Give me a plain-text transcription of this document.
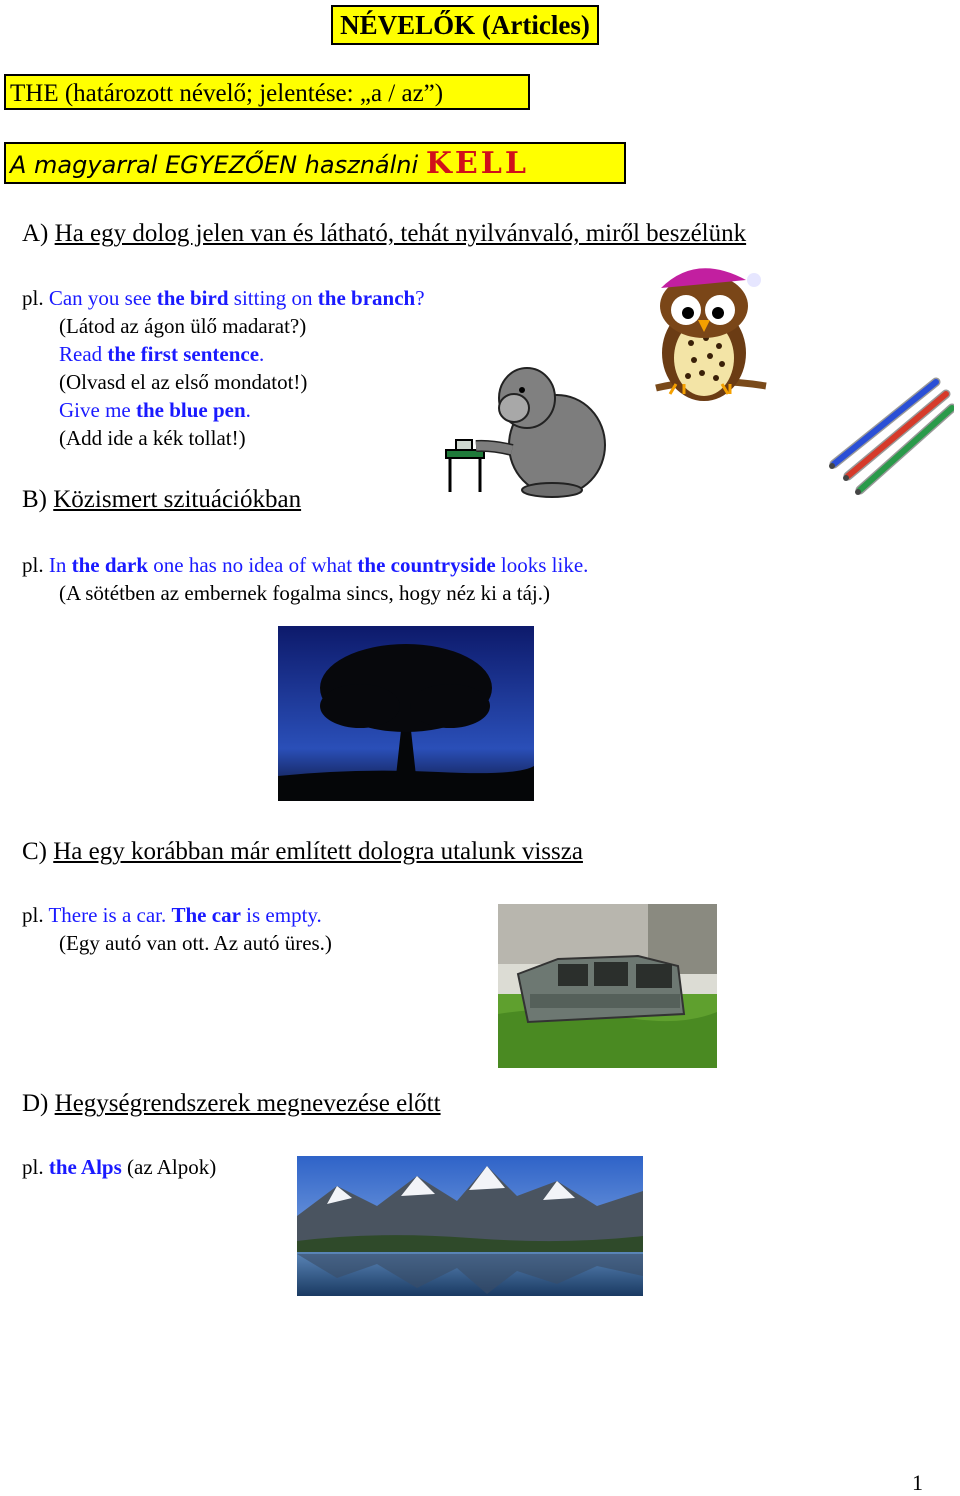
NÉVELŐK (Articles)
THE (határozott névelő; jelentése: „a / az”)
A magyarral EGYEZŐEN használni KELL
A) Ha egy dolog jelen van és látható, tehát nyilvánvaló, miről beszélünk
pl. Can you see the bird sitting on the branch?
(Látod az ágon ülő madarat?)
Read the first sentence.
(Olvasd el az első mondatot!)
Give me the blue pen.
(Add ide a kék tollat!)
B) Közismert szituációkban
pl. In the dark one has no idea of what the countryside looks like.
(A sötétben az embernek fogalma sincs, hogy néz ki a táj.)
C) Ha egy korábban már említett dologra utalunk vissza
pl. There is a car. The car is empty.
(Egy autó van ott. Az autó üres.)
D) Hegységrendszerek megnevezése előtt
pl. the Alps (az Alpok)
1
